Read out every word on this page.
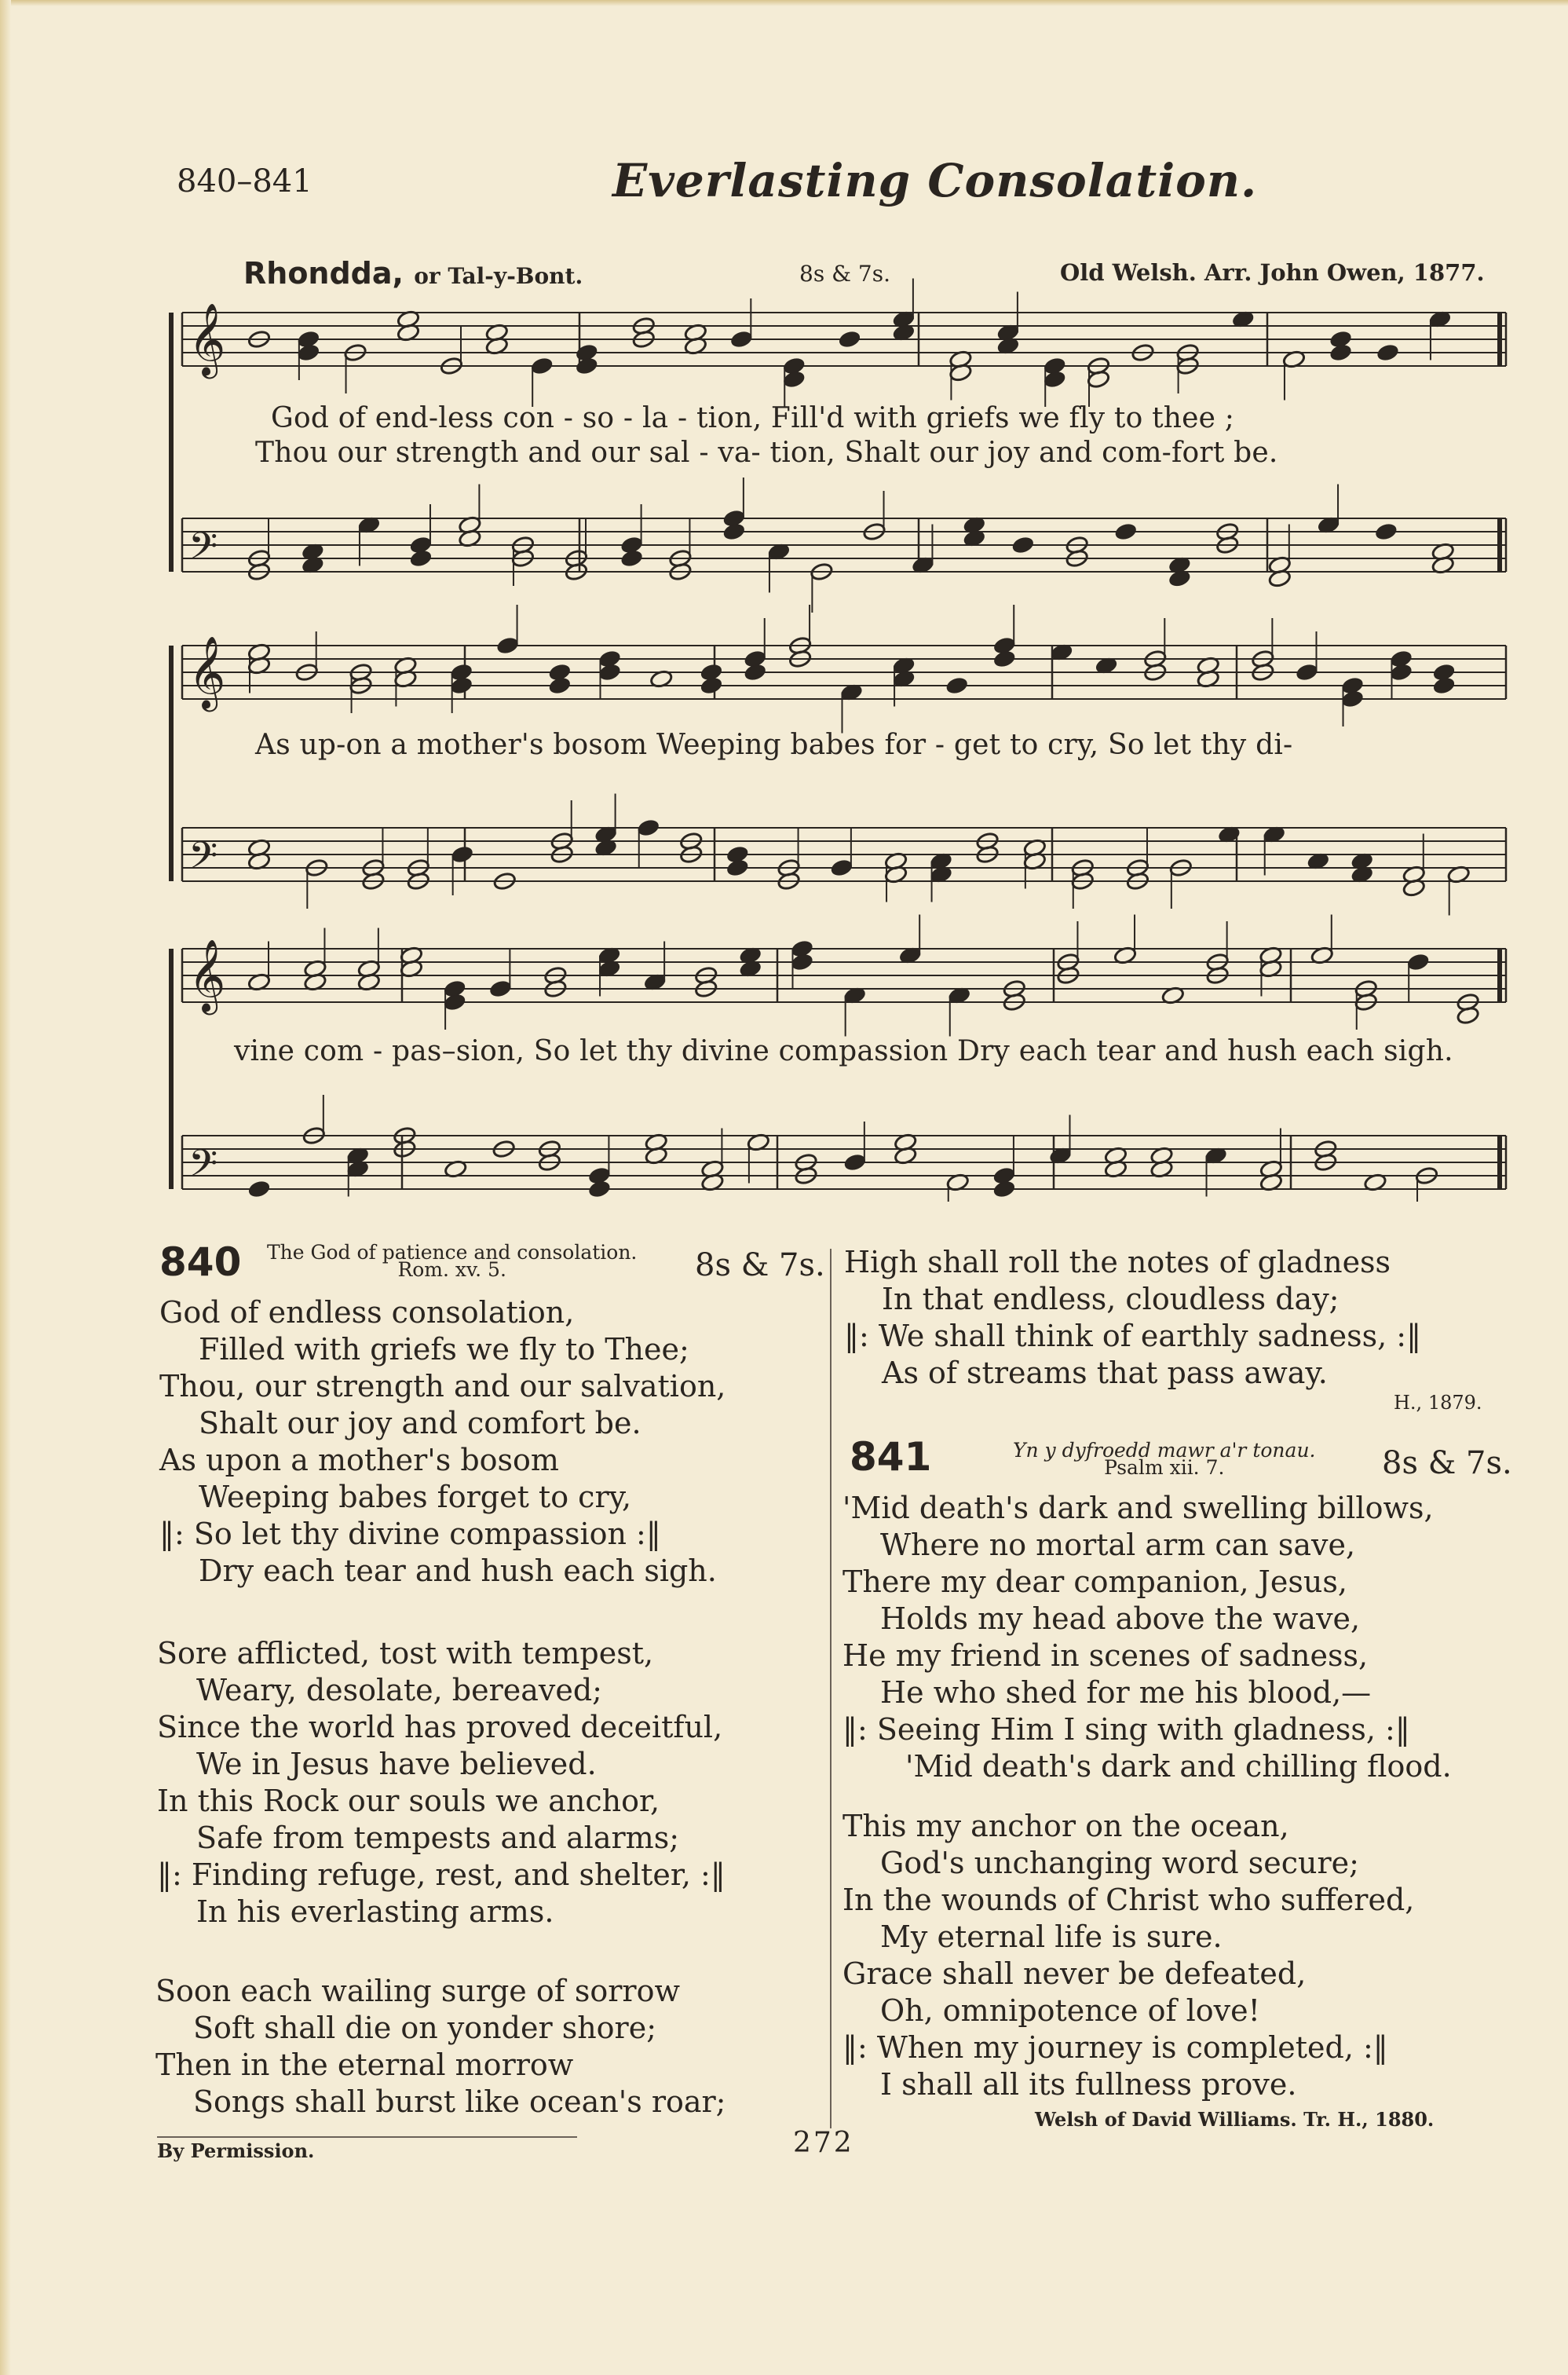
840–841	Everlasting Consolation.
Rhondda, or Tal-y-Bont.	8s & 7s.	Old Welsh. Arr. John Owen, 1877.
𝄞
𝄢
𝄞
𝄢
𝄞
𝄢
God of end-less con - so - la - tion, Fill'd with griefs we fly to thee ;
Thou our strength and our sal - va- tion, Shalt our joy and com-fort be.
As up-on a mother's bosom Weeping babes for - get to cry, So let thy di-
vine com - pas–sion, So let thy divine compassion Dry each tear and hush each sigh.
840 The God of patience and consolation.
Rom. xv. 5.	8s & 7s.
God of endless consolation,
Filled with griefs we fly to Thee;
Thou, our strength and our salvation,
Shalt our joy and comfort be.
As upon a mother's bosom
Weeping babes forget to cry,
‖: So let thy divine compassion :‖
Dry each tear and hush each sigh.
Sore afflicted, tost with tempest,
Weary, desolate, bereaved;
Since the world has proved deceitful,
We in Jesus have believed.
In this Rock our souls we anchor,
Safe from tempests and alarms;
‖: Finding refuge, rest, and shelter, :‖
In his everlasting arms.
Soon each wailing surge of sorrow
Soft shall die on yonder shore;
Then in the eternal morrow
Songs shall burst like ocean's roar;
High shall roll the notes of gladness
In that endless, cloudless day;
‖: We shall think of earthly sadness, :‖
As of streams that pass away.
H., 1879.
841	Yn y dyfroedd mawr a'r tonau.
Psalm xii. 7.	8s & 7s.
'Mid death's dark and swelling billows,
Where no mortal arm can save,
There my dear companion, Jesus,
Holds my head above the wave,
He my friend in scenes of sadness,
He who shed for me his blood,—
‖: Seeing Him I sing with gladness, :‖
'Mid death's dark and chilling flood.
This my anchor on the ocean,
God's unchanging word secure;
In the wounds of Christ who suffered,
My eternal life is sure.
Grace shall never be defeated,
Oh, omnipotence of love!
‖: When my journey is completed, :‖
I shall all its fullness prove.
Welsh of David Williams. Tr. H., 1880.
By Permission.	272
